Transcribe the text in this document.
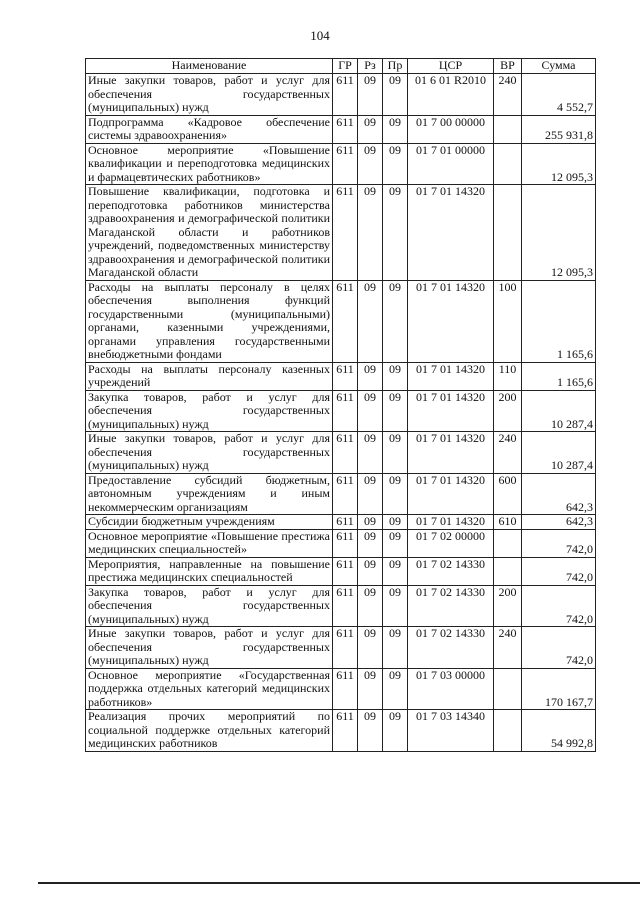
104
Наименование	ГР	Рз	Пр	ЦСР	ВР	Сумма
Иные закупки товаров, работ и услуг для обеспечения государственных (муниципальных) нужд	611	09	09	01 6 01 R2010	240	4 552,7
Подпрограмма «Кадровое обеспечение системы здравоохранения»	611	09	09	01 7 00 00000		255 931,8
Основное мероприятие «Повышение квалификации и переподготовка медицинских и фармацевтических работников»	611	09	09	01 7 01 00000		12 095,3
Повышение квалификации, подготовка и переподготовка работников министерства здравоохранения и демографической политики Магаданской области и работников учреждений, подведомственных министерству здравоохранения и демографической политики Магаданской области	611	09	09	01 7 01 14320		12 095,3
Расходы на выплаты персоналу в целях обеспечения выполнения функций государственными (муниципальными) органами, казенными учреждениями, органами управления государственными внебюджетными фондами	611	09	09	01 7 01 14320	100	1 165,6
Расходы на выплаты персоналу казенных учреждений	611	09	09	01 7 01 14320	110	1 165,6
Закупка товаров, работ и услуг для обеспечения государственных (муниципальных) нужд	611	09	09	01 7 01 14320	200	10 287,4
Иные закупки товаров, работ и услуг для обеспечения государственных (муниципальных) нужд	611	09	09	01 7 01 14320	240	10 287,4
Предоставление субсидий бюджетным, автономным учреждениям и иным некоммерческим организациям	611	09	09	01 7 01 14320	600	642,3
Субсидии бюджетным учреждениям	611	09	09	01 7 01 14320	610	642,3
Основное мероприятие «Повышение престижа медицинских специальностей»	611	09	09	01 7 02 00000		742,0
Мероприятия, направленные на повышение престижа медицинских специальностей	611	09	09	01 7 02 14330		742,0
Закупка товаров, работ и услуг для обеспечения государственных (муниципальных) нужд	611	09	09	01 7 02 14330	200	742,0
Иные закупки товаров, работ и услуг для обеспечения государственных (муниципальных) нужд	611	09	09	01 7 02 14330	240	742,0
Основное мероприятие «Государственная поддержка отдельных категорий медицинских работников»	611	09	09	01 7 03 00000		170 167,7
Реализация прочих мероприятий по социальной поддержке отдельных категорий медицинских работников	611	09	09	01 7 03 14340		54 992,8
